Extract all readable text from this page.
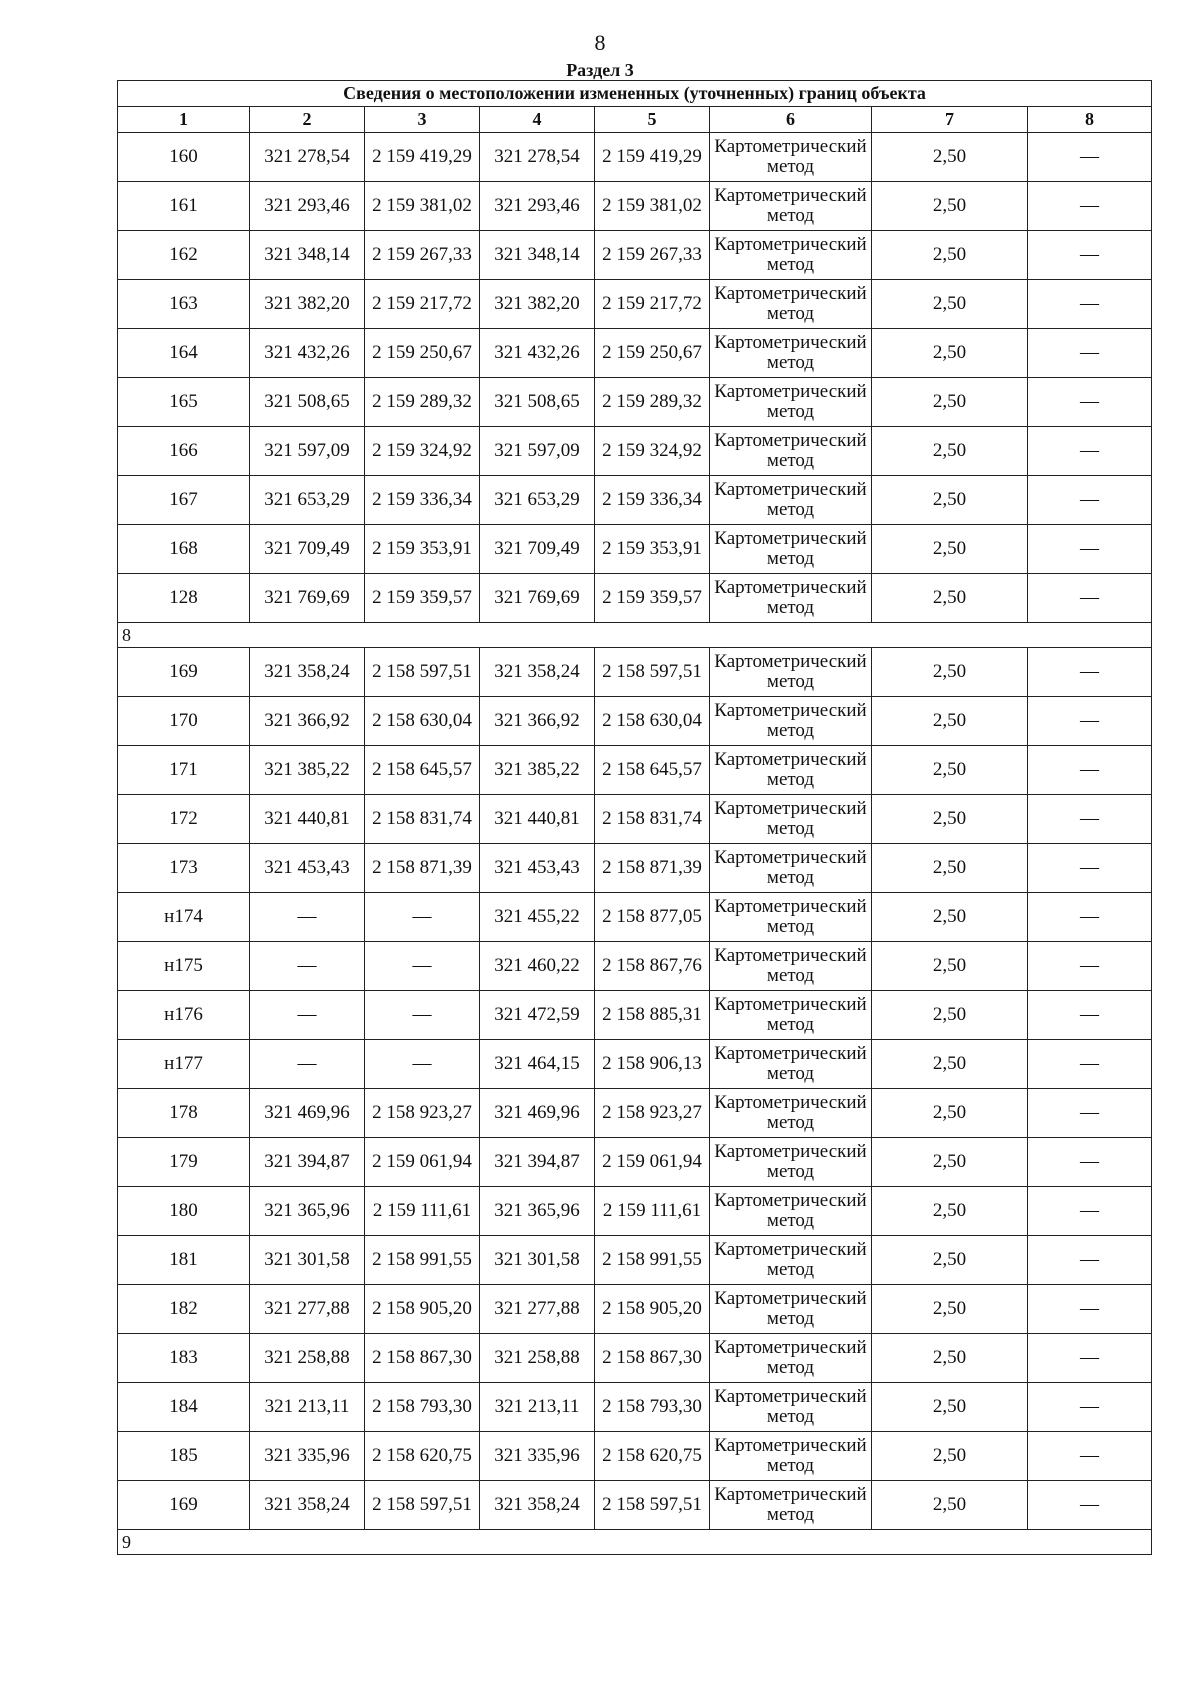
8
Раздел 3
Сведения о местоположении измененных (уточненных) границ объекта							
1	2	3	4	5	6	7	8
160	321 278,54	2 159 419,29	321 278,54	2 159 419,29	Картометрический метод	2,50	—
161	321 293,46	2 159 381,02	321 293,46	2 159 381,02	Картометрический метод	2,50	—
162	321 348,14	2 159 267,33	321 348,14	2 159 267,33	Картометрический метод	2,50	—
163	321 382,20	2 159 217,72	321 382,20	2 159 217,72	Картометрический метод	2,50	—
164	321 432,26	2 159 250,67	321 432,26	2 159 250,67	Картометрический метод	2,50	—
165	321 508,65	2 159 289,32	321 508,65	2 159 289,32	Картометрический метод	2,50	—
166	321 597,09	2 159 324,92	321 597,09	2 159 324,92	Картометрический метод	2,50	—
167	321 653,29	2 159 336,34	321 653,29	2 159 336,34	Картометрический метод	2,50	—
168	321 709,49	2 159 353,91	321 709,49	2 159 353,91	Картометрический метод	2,50	—
128	321 769,69	2 159 359,57	321 769,69	2 159 359,57	Картометрический метод	2,50	—
8							
169	321 358,24	2 158 597,51	321 358,24	2 158 597,51	Картометрический метод	2,50	—
170	321 366,92	2 158 630,04	321 366,92	2 158 630,04	Картометрический метод	2,50	—
171	321 385,22	2 158 645,57	321 385,22	2 158 645,57	Картометрический метод	2,50	—
172	321 440,81	2 158 831,74	321 440,81	2 158 831,74	Картометрический метод	2,50	—
173	321 453,43	2 158 871,39	321 453,43	2 158 871,39	Картометрический метод	2,50	—
н174	—	—	321 455,22	2 158 877,05	Картометрический метод	2,50	—
н175	—	—	321 460,22	2 158 867,76	Картометрический метод	2,50	—
н176	—	—	321 472,59	2 158 885,31	Картометрический метод	2,50	—
н177	—	—	321 464,15	2 158 906,13	Картометрический метод	2,50	—
178	321 469,96	2 158 923,27	321 469,96	2 158 923,27	Картометрический метод	2,50	—
179	321 394,87	2 159 061,94	321 394,87	2 159 061,94	Картометрический метод	2,50	—
180	321 365,96	2 159 111,61	321 365,96	2 159 111,61	Картометрический метод	2,50	—
181	321 301,58	2 158 991,55	321 301,58	2 158 991,55	Картометрический метод	2,50	—
182	321 277,88	2 158 905,20	321 277,88	2 158 905,20	Картометрический метод	2,50	—
183	321 258,88	2 158 867,30	321 258,88	2 158 867,30	Картометрический метод	2,50	—
184	321 213,11	2 158 793,30	321 213,11	2 158 793,30	Картометрический метод	2,50	—
185	321 335,96	2 158 620,75	321 335,96	2 158 620,75	Картометрический метод	2,50	—
169	321 358,24	2 158 597,51	321 358,24	2 158 597,51	Картометрический метод	2,50	—
9							
